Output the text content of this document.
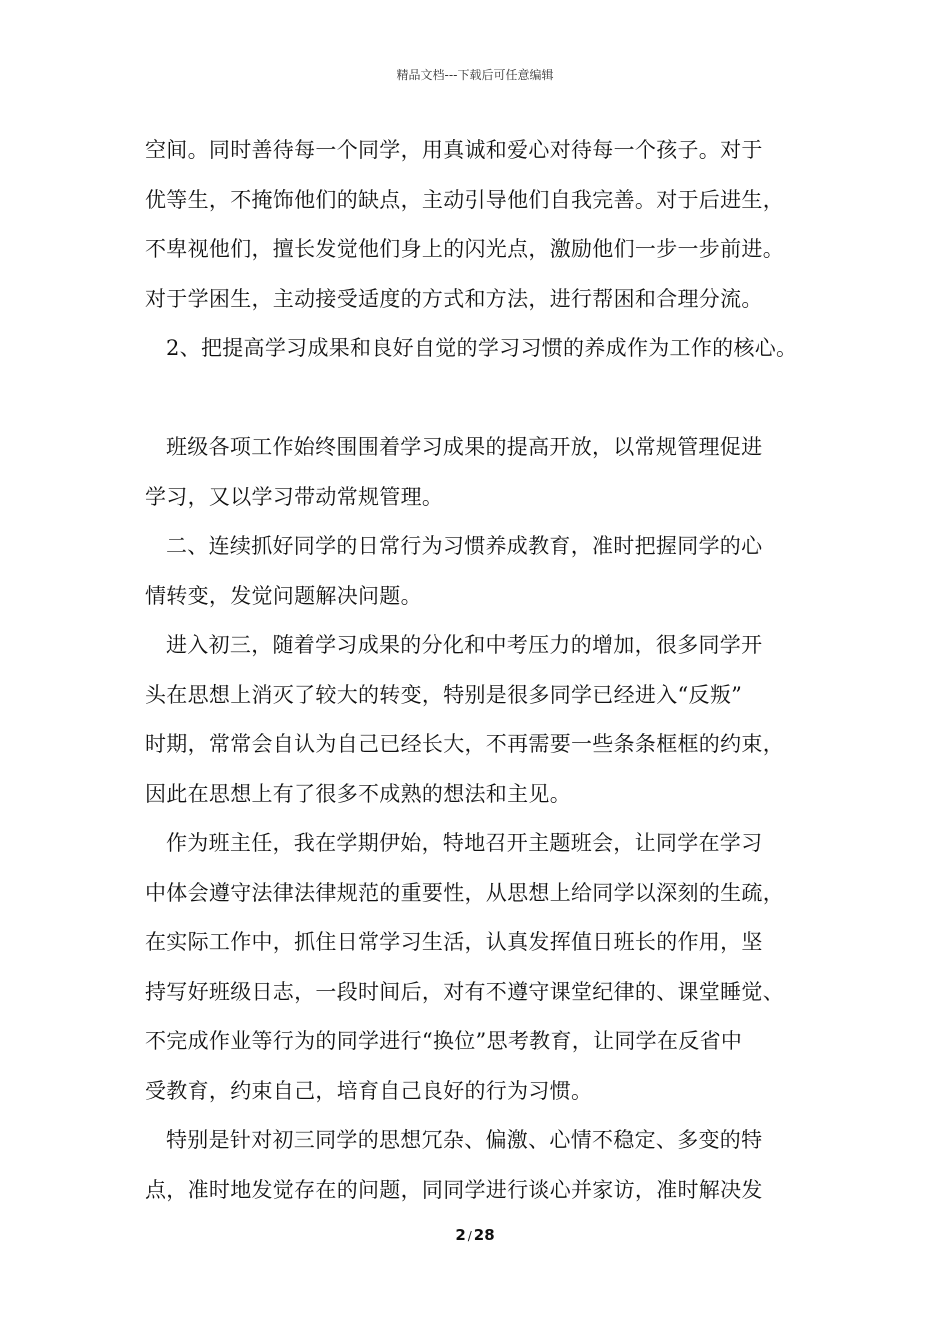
精品文档---下载后可任意编辑
空间。同时善待每一个同学，用真诚和爱心对待每一个孩子。对于
优等生，不掩饰他们的缺点，主动引导他们自我完善。对于后进生，
不卑视他们，擅长发觉他们身上的闪光点，激励他们一步一步前进。
对于学困生，主动接受适度的方式和方法，进行帮困和合理分流。
2、把提高学习成果和良好自觉的学习习惯的养成作为工作的核心。
班级各项工作始终围围着学习成果的提高开放，以常规管理促进
学习，又以学习带动常规管理。
二、连续抓好同学的日常行为习惯养成教育，准时把握同学的心
情转变，发觉问题解决问题。
进入初三，随着学习成果的分化和中考压力的增加，很多同学开
头在思想上消灭了较大的转变，特别是很多同学已经进入“反叛”
时期，常常会自认为自己已经长大，不再需要一些条条框框的约束，
因此在思想上有了很多不成熟的想法和主见。
作为班主任，我在学期伊始，特地召开主题班会，让同学在学习
中体会遵守法律法律规范的重要性，从思想上给同学以深刻的生疏，
在实际工作中，抓住日常学习生活，认真发挥值日班长的作用，坚
持写好班级日志，一段时间后，对有不遵守课堂纪律的、课堂睡觉、
不完成作业等行为的同学进行“换位”思考教育，让同学在反省中
受教育，约束自己，培育自己良好的行为习惯。
特别是针对初三同学的思想冗杂、偏激、心情不稳定、多变的特
点，准时地发觉存在的问题，同同学进行谈心并家访，准时解决发
2 / 28
